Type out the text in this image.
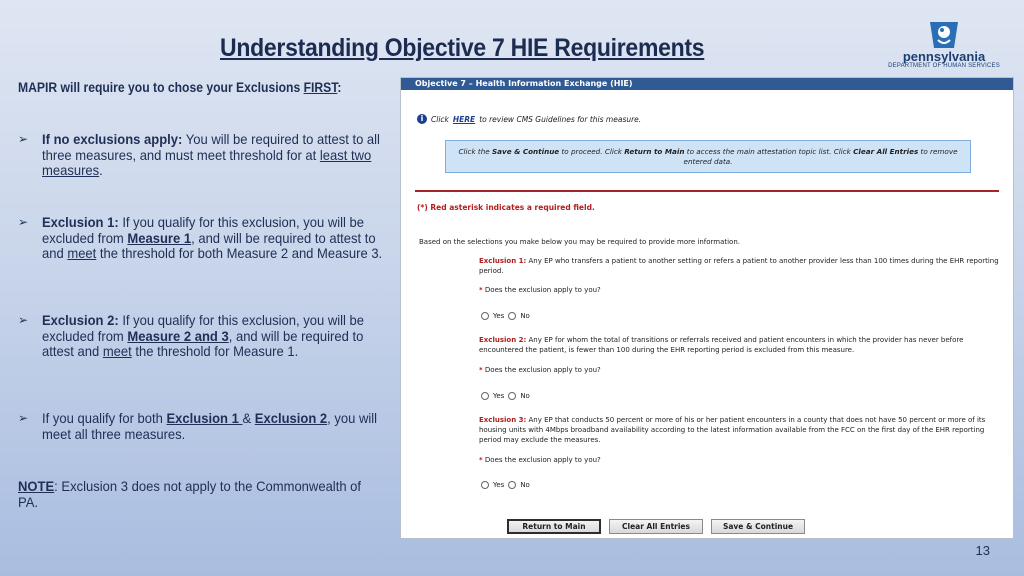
Understanding Objective 7 HIE Requirements	pennsylvania
DEPARTMENT OF HUMAN SERVICES
MAPIR will require you to chose your Exclusions FIRST:
➢ If no exclusions apply: You will be required to attest to all three measures, and must meet threshold for at least two measures.
➢ Exclusion 1: If you qualify for this exclusion, you will be excluded from Measure 1, and will be required to attest to and meet the threshold for both Measure 2 and Measure 3.
➢ Exclusion 2: If you qualify for this exclusion, you will be excluded from Measure 2 and 3, and will be required to attest and meet the threshold for Measure 1.
➢ If you qualify for both Exclusion 1 & Exclusion 2, you will meet all three measures.
NOTE: Exclusion 3 does not apply to the Commonwealth of PA.
Objective 7 – Health Information Exchange (HIE)
i	Click HERE to review CMS Guidelines for this measure.
Click the Save & Continue to proceed. Click Return to Main to access the main attestation topic list. Click Clear All Entries to remove entered data.
(*) Red asterisk indicates a required field.
Based on the selections you make below you may be required to provide more information.
Exclusion 1: Any EP who transfers a patient to another setting or refers a patient to another provider less than 100 times during the EHR reporting period.
* Does the exclusion apply to you?
Yes No
Exclusion 2: Any EP for whom the total of transitions or referrals received and patient encounters in which the provider has never before encountered the patient, is fewer than 100 during the EHR reporting period is excluded from this measure.
* Does the exclusion apply to you?
Yes No
Exclusion 3: Any EP that conducts 50 percent or more of his or her patient encounters in a county that does not have 50 percent or more of its housing units with 4Mbps broadband availability according to the latest information available from the FCC on the first day of the EHR reporting period may exclude the measures.
* Does the exclusion apply to you?
Yes No
Return to Main	Clear All Entries	Save & Continue
13
